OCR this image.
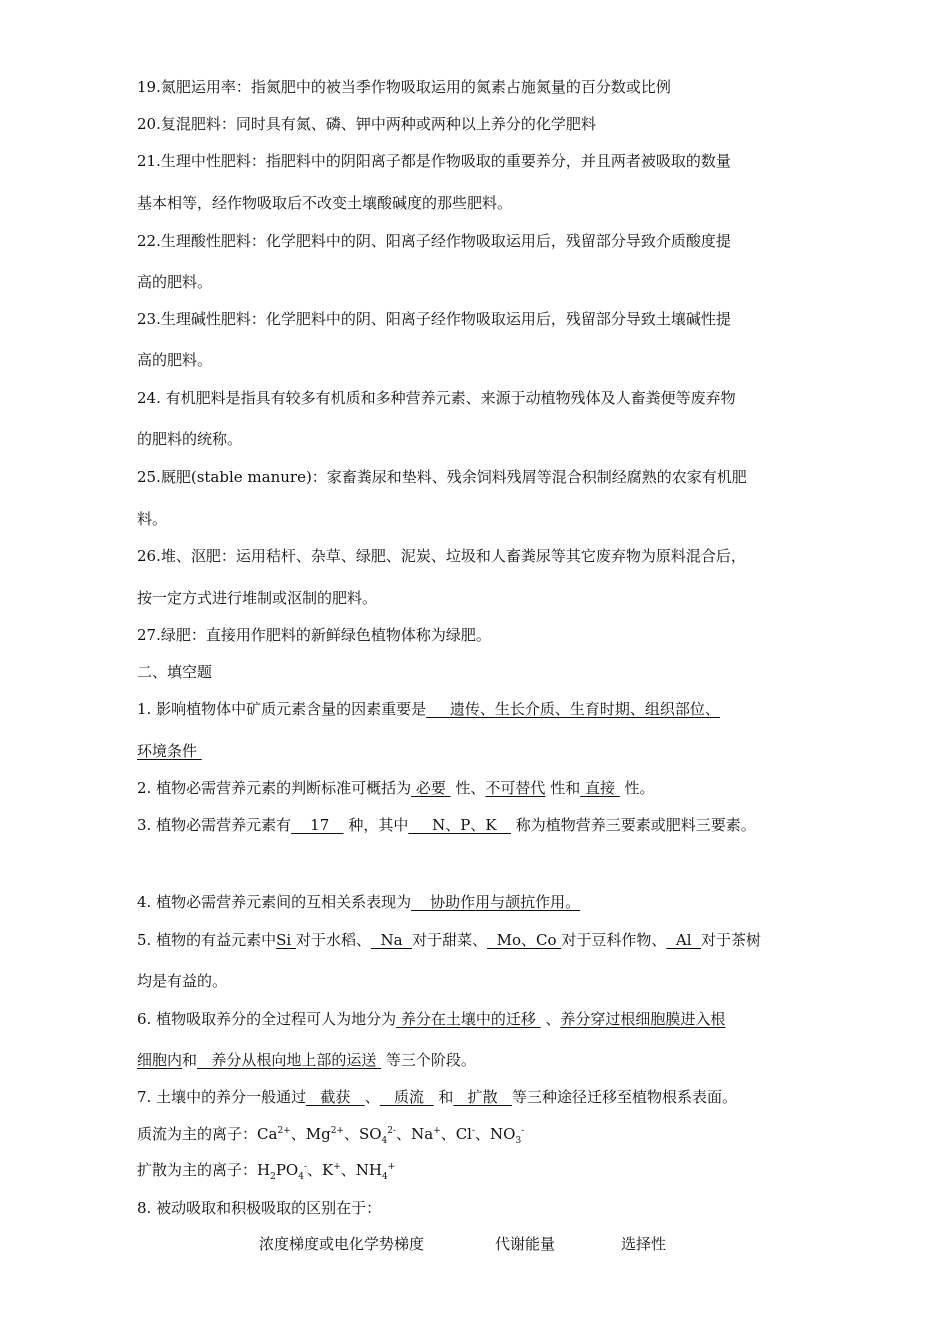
19.氮肥运用率：指氮肥中的被当季作物吸取运用的氮素占施氮量的百分数或比例
20.复混肥料：同时具有氮、磷、钾中两种或两种以上养分的化学肥料
21.生理中性肥料：指肥料中的阴阳离子都是作物吸取的重要养分，并且两者被吸取的数量
基本相等，经作物吸取后不改变土壤酸碱度的那些肥料。
22.生理酸性肥料：化学肥料中的阴、阳离子经作物吸取运用后，残留部分导致介质酸度提
高的肥料。
23.生理碱性肥料：化学肥料中的阴、阳离子经作物吸取运用后，残留部分导致土壤碱性提
高的肥料。
24. 有机肥料是指具有较多有机质和多种营养元素、来源于动植物残体及人畜粪便等废弃物
的肥料的统称。
25.厩肥(stable manure)：家畜粪尿和垫料、残余饲料残屑等混合积制经腐熟的农家有机肥
料。
26.堆、沤肥：运用秸杆、杂草、绿肥、泥炭、垃圾和人畜粪尿等其它废弃物为原料混合后，
按一定方式进行堆制或沤制的肥料。
27.绿肥：直接用作肥料的新鲜绿色植物体称为绿肥。
二、填空题
1. 影响植物体中矿质元素含量的因素重要是     遗传、生长介质、生育时期、组织部位、
环境条件
2. 植物必需营养元素的判断标准可概括为 必要  性、不可替代 性和 直接  性。
3. 植物必需营养元素有    17    种，其中     N、P、K    称为植物营养三要素或肥料三要素。
4. 植物必需营养元素间的互相关系表现为    协助作用与颉抗作用。
5. 植物的有益元素中Si 对于水稻、  Na  对于甜菜、  Mo、Co 对于豆科作物、  Al  对于茶树
均是有益的。
6. 植物吸取养分的全过程可人为地分为 养分在土壤中的迁移  、养分穿过根细胞膜进入根
细胞内和   养分从根向地上部的运送  等三个阶段。
7. 土壤中的养分一般通过   截获   、   质流   和   扩散   等三种途径迁移至植物根系表面。
质流为主的离子：$Ca^{2+}$、$Mg^{2+}$、$SO_4^{2-}$、Na+、Cl-、$NO_3^-$
扩散为主的离子：$H_2PO_4^-$、K+、$NH_4^+$
8. 被动吸取和积极吸取的区别在于：
浓度梯度或电化学势梯度	代谢能量	选择性
